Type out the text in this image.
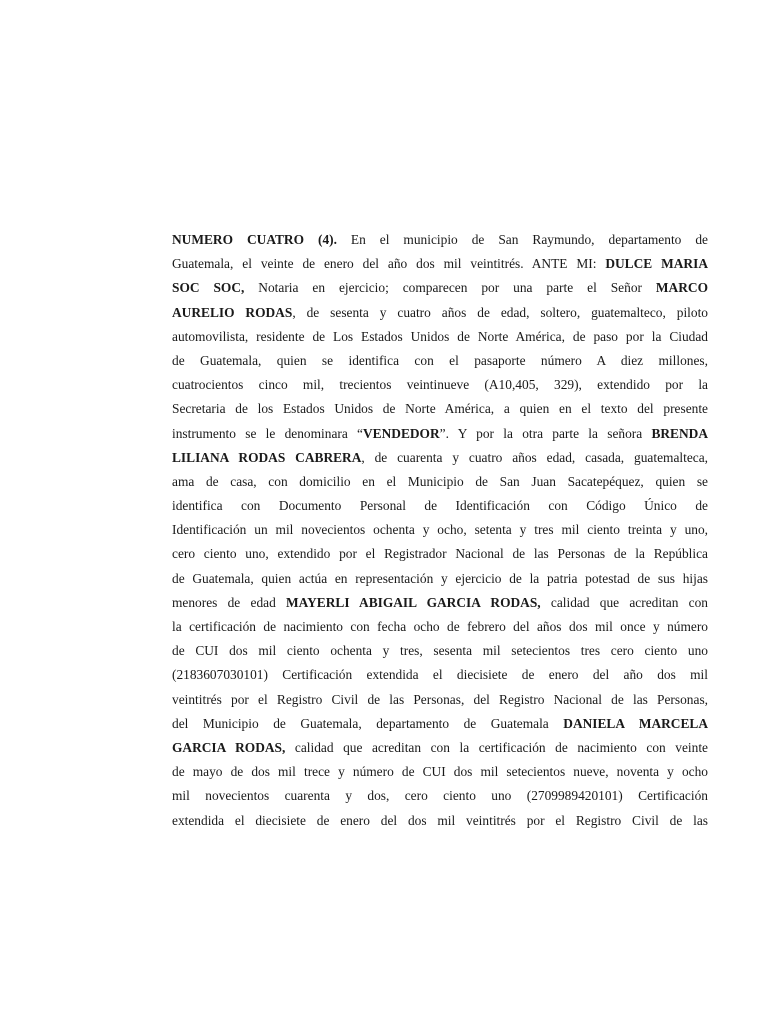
NUMERO CUATRO (4). En el municipio de San Raymundo, departamento de
Guatemala, el veinte de enero del año dos mil veintitrés. ANTE MI: DULCE MARIA
SOC SOC, Notaria en ejercicio; comparecen por una parte el Señor MARCO
AURELIO RODAS, de sesenta y cuatro años de edad, soltero, guatemalteco, piloto
automovilista, residente de Los Estados Unidos de Norte América, de paso por la Ciudad
de Guatemala, quien se identifica con el pasaporte número A diez millones,
cuatrocientos cinco mil, trecientos veintinueve (A10,405, 329), extendido por la
Secretaria de los Estados Unidos de Norte América, a quien en el texto del presente
instrumento se le denominara “VENDEDOR”. Y por la otra parte la señora BRENDA
LILIANA RODAS CABRERA, de cuarenta y cuatro años edad, casada, guatemalteca,
ama de casa, con domicilio en el Municipio de San Juan Sacatepéquez, quien se
identifica con Documento Personal de Identificación con Código Único de
Identificación un mil novecientos ochenta y ocho, setenta y tres mil ciento treinta y uno,
cero ciento uno, extendido por el Registrador Nacional de las Personas de la República
de Guatemala, quien actúa en representación y ejercicio de la patria potestad de sus hijas
menores de edad MAYERLI ABIGAIL GARCIA RODAS, calidad que acreditan con
la certificación de nacimiento con fecha ocho de febrero del años dos mil once y número
de CUI dos mil ciento ochenta y tres, sesenta mil setecientos tres cero ciento uno
(2183607030101) Certificación extendida el diecisiete de enero del año dos mil
veintitrés por el Registro Civil de las Personas, del Registro Nacional de las Personas,
del Municipio de Guatemala, departamento de Guatemala DANIELA MARCELA
GARCIA RODAS, calidad que acreditan con la certificación de nacimiento con veinte
de mayo de dos mil trece y número de CUI dos mil setecientos nueve, noventa y ocho
mil novecientos cuarenta y dos, cero ciento uno (2709989420101) Certificación
extendida el diecisiete de enero del dos mil veintitrés por el Registro Civil de las
